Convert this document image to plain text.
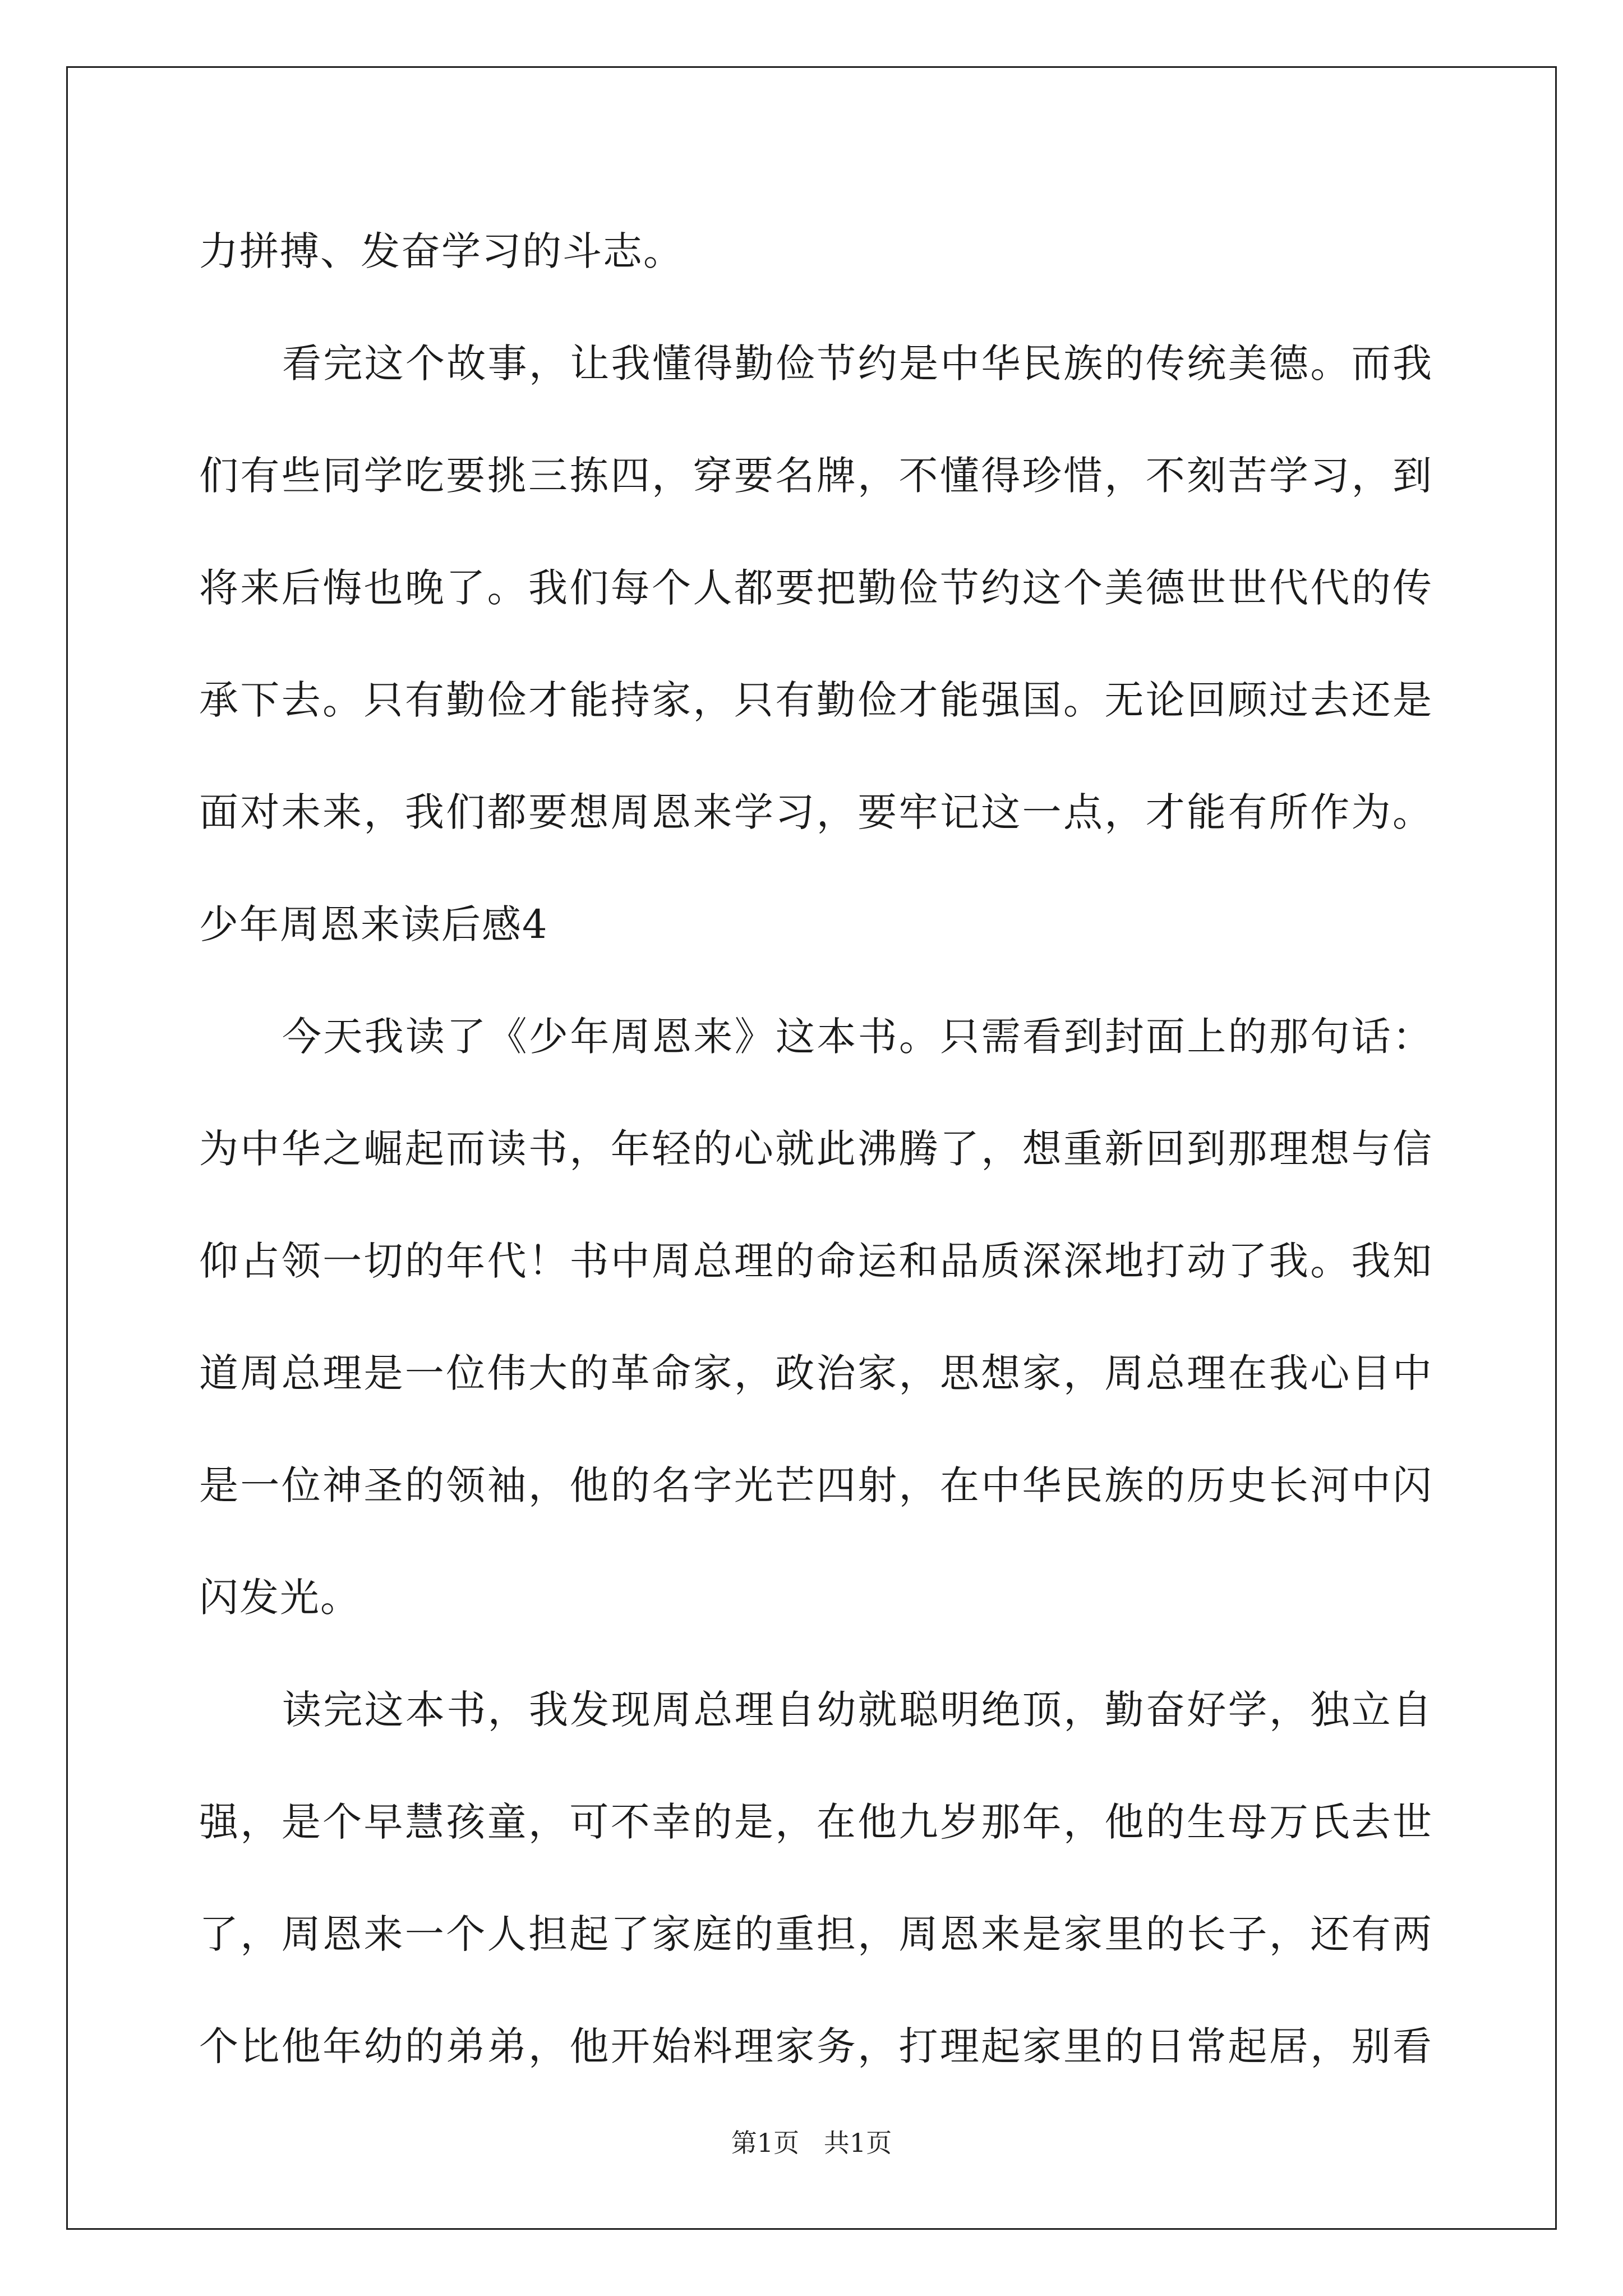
力拼搏、发奋学习的斗志。
看完这个故事，让我懂得勤俭节约是中华民族的传统美德。而我
们有些同学吃要挑三拣四，穿要名牌，不懂得珍惜，不刻苦学习，到
将来后悔也晚了。我们每个人都要把勤俭节约这个美德世世代代的传
承下去。只有勤俭才能持家，只有勤俭才能强国。无论回顾过去还是
面对未来，我们都要想周恩来学习，要牢记这一点，才能有所作为。
少年周恩来读后感4
今天我读了《少年周恩来》这本书。只需看到封面上的那句话：
为中华之崛起而读书，年轻的心就此沸腾了，想重新回到那理想与信
仰占领一切的年代！书中周总理的命运和品质深深地打动了我。我知
道周总理是一位伟大的革命家，政治家，思想家，周总理在我心目中
是一位神圣的领袖，他的名字光芒四射，在中华民族的历史长河中闪
闪发光。
读完这本书，我发现周总理自幼就聪明绝顶，勤奋好学，独立自
强，是个早慧孩童，可不幸的是，在他九岁那年，他的生母万氏去世
了，周恩来一个人担起了家庭的重担，周恩来是家里的长子，还有两
个比他年幼的弟弟，他开始料理家务，打理起家里的日常起居，别看
第1页   共1页
